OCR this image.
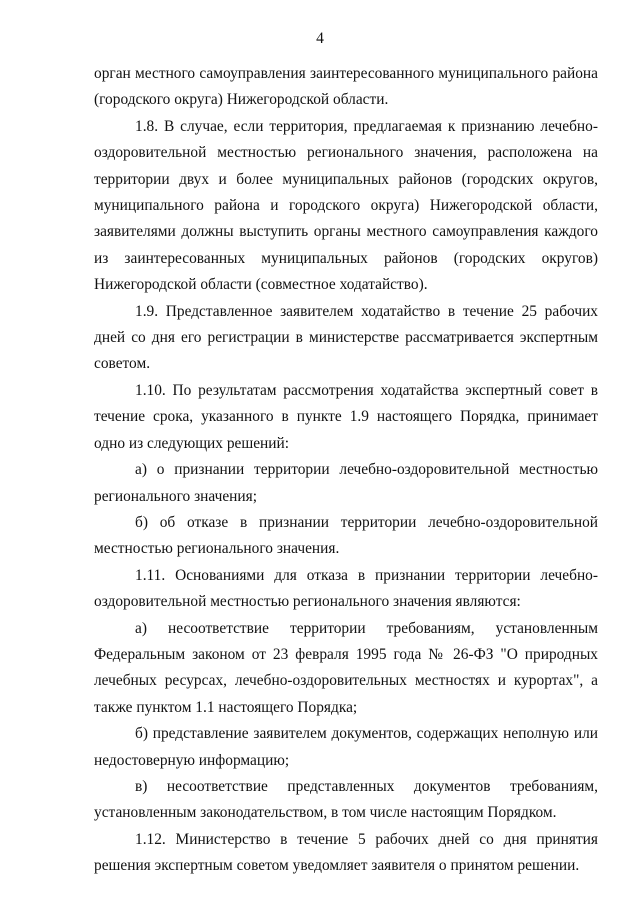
4

орган местного самоуправления заинтересованного муниципального района (городского округа) Нижегородской области.

1.8. В случае, если территория, предлагаемая к признанию лечебно-оздоровительной местностью регионального значения, расположена на территории двух и более муниципальных районов (городских округов, муниципального района и городского округа) Нижегородской области, заявителями должны выступить органы местного самоуправления каждого из заинтересованных муниципальных районов (городских округов) Нижегородской области (совместное ходатайство).

1.9. Представленное заявителем ходатайство в течение 25 рабочих дней со дня его регистрации в министерстве рассматривается экспертным советом.

1.10. По результатам рассмотрения ходатайства экспертный совет в течение срока, указанного в пункте 1.9 настоящего Порядка, принимает одно из следующих решений:

а) о признании территории лечебно-оздоровительной местностью регионального значения;

б) об отказе в признании территории лечебно-оздоровительной местностью регионального значения.

1.11. Основаниями для отказа в признании территории лечебно-оздоровительной местностью регионального значения являются:

а) несоответствие территории требованиям, установленным Федеральным законом от 23 февраля 1995 года № 26-ФЗ "О природных лечебных ресурсах, лечебно-оздоровительных местностях и курортах", а также пунктом 1.1 настоящего Порядка;

б) представление заявителем документов, содержащих неполную или недостоверную информацию;

в) несоответствие представленных документов требованиям, установленным законодательством, в том числе настоящим Порядком.

1.12. Министерство в течение 5 рабочих дней со дня принятия решения экспертным советом уведомляет заявителя о принятом решении.
